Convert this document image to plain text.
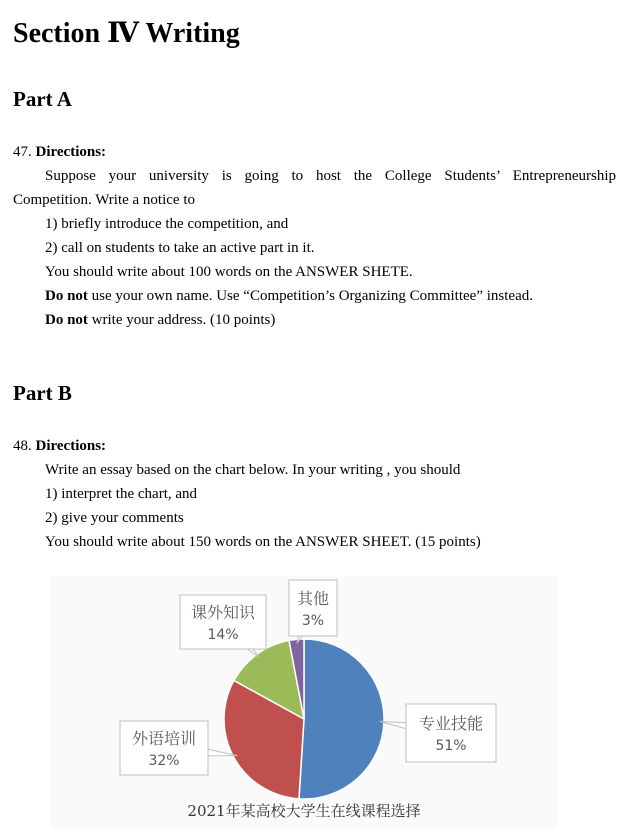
Section Ⅳ Writing
Part A
47. Directions:
Suppose your university is going to host the College Students’ Entrepreneurship
Competition. Write a notice to
1) briefly introduce the competition, and
2) call on students to take an active part in it.
You should write about 100 words on the ANSWER SHETE.
Do not use your own name. Use “Competition’s Organizing Committee” instead.
Do not write your address. (10 points)
Part B
48. Directions:
Write an essay based on the chart below. In your writing , you should
1) interpret the chart, and
2) give your comments
You should write about 150 words on the ANSWER SHEET. (15 points)
专业技能
51%
外语培训
32%
课外知识
14%
其他
3%
2021年某高校大学生在线课程选择
